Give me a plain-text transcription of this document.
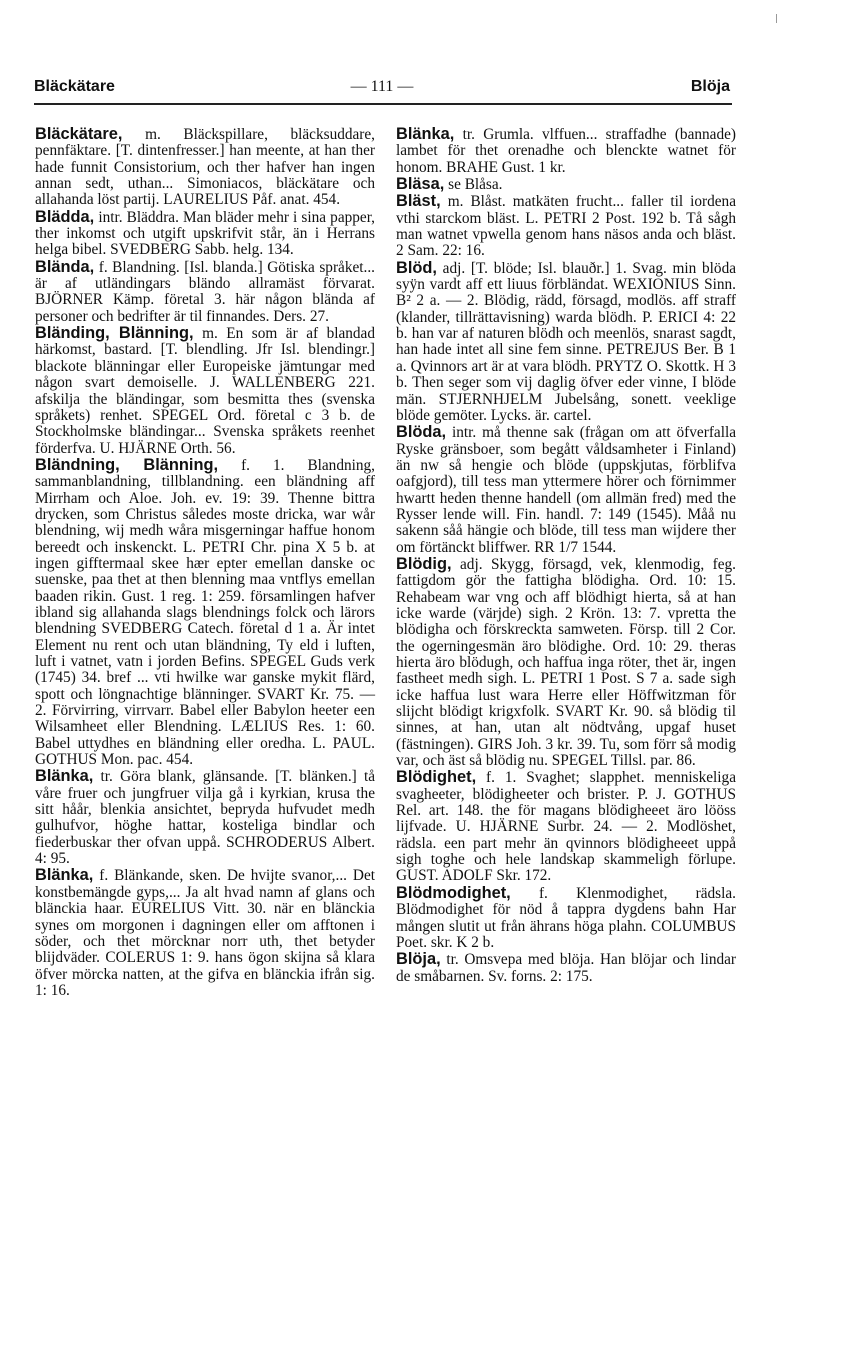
Bläckätare	— 111 —	Blöja

Bläckätare, m. Bläckspillare, bläcksuddare, pennfäktare. [T. dintenfresser.] han meente, at han ther hade funnit Consistorium, och ther hafver han ingen annan sedt, uthan... Simoniacos, bläckätare och allahanda löst partij. LAURELIUS Påf. anat. 454.

Blädda, intr. Bläddra. Man bläder mehr i sina papper, ther inkomst och utgift upskrifvit står, än i Herrans helga bibel. SVEDBERG Sabb. helg. 134.

Blända, f. Blandning. [Isl. blanda.] Götiska språket... är af utländingars bländo allramäst förvarat. BJÖRNER Kämp. företal 3. här någon blända af personer och bedrifter är til finnandes. Ders. 27.

Bländing, Blänning, m. En som är af blandad härkomst, bastard. [T. blendling. Jfr Isl. blendingr.] blackote blänningar eller Europeiske jämtungar med någon svart demoiselle. J. WALLENBERG 221. afskilja the bländingar, som besmitta thes (svenska språkets) renhet. SPEGEL Ord. företal c 3 b. de Stockholmske bländingar... Svenska språkets reenhet förderfva. U. HJÄRNE Orth. 56.

Bländning, Blänning, f. 1. Blandning, sammanblandning, tillblandning. een bländning aff Mirrham och Aloe. Joh. ev. 19: 39. Thenne bittra drycken, som Christus således moste dricka, war wår blendning, wij medh wåra misgerningar haffue honom bereedt och inskenckt. L. PETRI Chr. pina X 5 b. at ingen gifftermaal skee hær epter emellan danske oc suenske, paa thet at then blenning maa vntflys emellan baaden rikin. Gust. 1 reg. 1: 259. församlingen hafver ibland sig allahanda slags blendnings folck och lärors blendning SVEDBERG Catech. företal d 1 a. Är intet Element nu rent och utan bländning, Ty eld i luften, luft i vatnet, vatn i jorden Befins. SPEGEL Guds verk (1745) 34. bref ... vti hwilke war ganske mykit flärd, spott och löngnachtige blänninger. SVART Kr. 75. — 2. Förvirring, virrvarr. Babel eller Babylon heeter een Wilsamheet eller Blendning. LÆLIUS Res. 1: 60. Babel uttydhes en bländning eller oredha. L. PAUL. GOTHUS Mon. pac. 454.

Blänka, tr. Göra blank, glänsande. [T. blänken.] tå våre fruer och jungfruer vilja gå i kyrkian, krusa the sitt håår, blenkia ansichtet, bepryda hufvudet medh gulhufvor, höghe hattar, kosteliga bindlar och fiederbuskar ther ofvan uppå. SCHRODERUS Albert. 4: 95.

Blänka, f. Blänkande, sken. De hvijte svanor,... Det konstbemängde gyps,... Ja alt hvad namn af glans och blänckia haar. EURELIUS Vitt. 30. när en blänckia synes om morgonen i dagningen eller om afftonen i söder, och thet mörcknar norr uth, thet betyder blijdväder. COLERUS 1: 9. hans ögon skijna så klara öfver mörcka natten, at the gifva en blänckia ifrån sig. 1: 16.

Blänka, tr. Grumla. vlffuen... straffadhe (bannade) lambet för thet orenadhe och blenckte watnet för honom. BRAHE Gust. 1 kr.

Bläsa, se Blåsa.

Bläst, m. Blåst. matkäten frucht... faller til iordena vthi starckom bläst. L. PETRI 2 Post. 192 b. Tå sågh man watnet vpwella genom hans näsos anda och bläst. 2 Sam. 22: 16.

Blöd, adj. [T. blöde; Isl. blauðr.] 1. Svag. min blöda syÿn vardt aff ett liuus förbländat. WEXIONIUS Sinn. B² 2 a. — 2. Blödig, rädd, försagd, modlös. aff straff (klander, tillrättavisning) warda blödh. P. ERICI 4: 22 b. han var af naturen blödh och meenlös, snarast sagdt, han hade intet all sine fem sinne. PETREJUS Ber. B 1 a. Qvinnors art är at vara blödh. PRYTZ O. Skottk. H 3 b. Then seger som vij daglig öfver eder vinne, I blöde män. STJERNHJELM Jubelsång, sonett. veeklige blöde gemöter. Lycks. är. cartel.

Blöda, intr. må thenne sak (frågan om att öfverfalla Ryske gränsboer, som begått våldsamheter i Finland) än nw så hengie och blöde (uppskjutas, förblifva oafgjord), till tess man yttermere hörer och förnimmer hwartt heden thenne handell (om allmän fred) med the Rysser lende will. Fin. handl. 7: 149 (1545). Måå nu sakenn såå hängie och blöde, till tess man wijdere ther om förtänckt bliffwer. RR 1/7 1544.

Blödig, adj. Skygg, försagd, vek, klenmodig, feg. fattigdom gör the fattigha blödigha. Ord. 10: 15. Rehabeam war vng och aff blödhigt hierta, så at han icke warde (värjde) sigh. 2 Krön. 13: 7. vpretta the blödigha och förskreckta samweten. Försp. till 2 Cor. the ogerningesmän äro blödighe. Ord. 10: 29. theras hierta äro blödugh, och haffua inga röter, thet är, ingen fastheet medh sigh. L. PETRI 1 Post. S 7 a. sade sigh icke haffua lust wara Herre eller Höffwitzman för slijcht blödigt krigxfolk. SVART Kr. 90. så blödig til sinnes, at han, utan alt nödtvång, upgaf huset (fästningen). GIRS Joh. 3 kr. 39. Tu, som förr så modig var, och äst så blödig nu. SPEGEL Tillsl. par. 86.

Blödighet, f. 1. Svaghet; slapphet. menniskeliga svagheeter, blödigheeter och brister. P. J. GOTHUS Rel. art. 148. the för magans blödigheeet äro lööss lijfvade. U. HJÄRNE Surbr. 24. — 2. Modlöshet, rädsla. een part mehr än qvinnors blödigheeet uppå sigh toghe och hele landskap skammeligh förlupe. GUST. ADOLF Skr. 172.

Blödmodighet, f. Klenmodighet, rädsla. Blödmodighet för nöd å tappra dygdens bahn Har mången slutit ut från ährans höga plahn. COLUMBUS Poet. skr. K 2 b.

Blöja, tr. Omsvepa med blöja. Han blöjar och lindar de småbarnen. Sv. forns. 2: 175.
